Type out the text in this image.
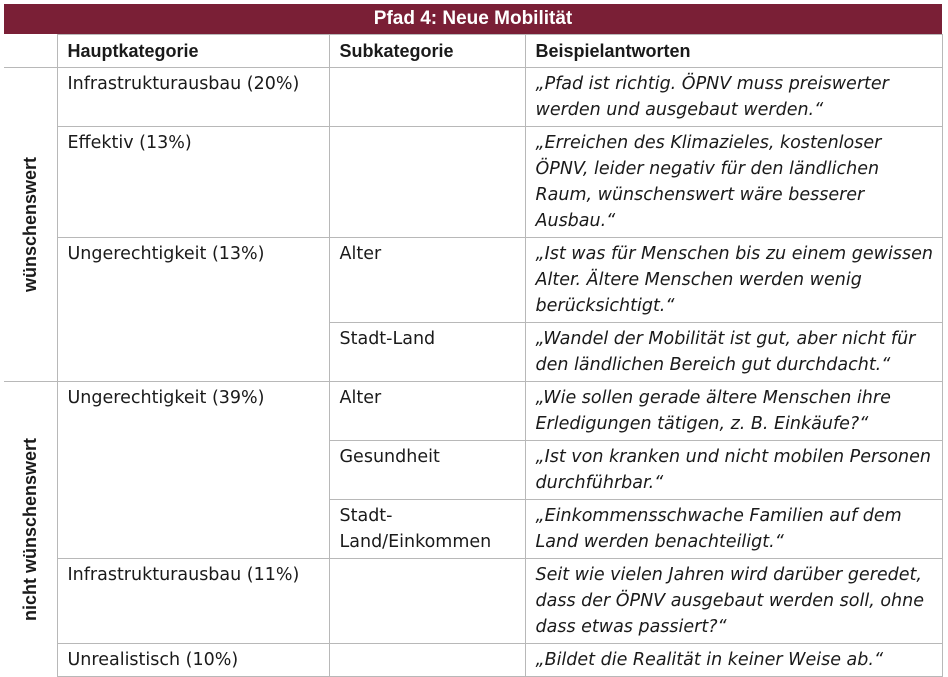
Pfad 4: Neue Mobilität
	Hauptkategorie	Subkategorie	Beispielantworten

wünschenswert	Infrastrukturausbau (20%)		„Pfad ist richtig. ÖPNV muss preiswerter werden und ausgebaut werden.“
	Effektiv (13%)		„Erreichen des Klimazieles, kostenloser ÖPNV, leider negativ für den ländlichen Raum, wünschenswert wäre besserer Ausbau.“
	Ungerechtigkeit (13%)	Alter	„Ist was für Menschen bis zu einem gewissen Alter. Ältere Menschen werden wenig berücksichtigt.“
		Stadt-Land	„Wandel der Mobilität ist gut, aber nicht für den ländlichen Bereich gut durchdacht.“

nicht wünschenswert	Ungerechtigkeit (39%)	Alter	„Wie sollen gerade ältere Menschen ihre Erledigungen tätigen, z. B. Einkäufe?“
		Gesundheit	„Ist von kranken und nicht mobilen Personen durchführbar.“
		Stadt-Land/Einkommen	„Einkommensschwache Familien auf dem Land werden benachteiligt.“
	Infrastrukturausbau (11%)		Seit wie vielen Jahren wird darüber geredet, dass der ÖPNV ausgebaut werden soll, ohne dass etwas passiert?“
	Unrealistisch (10%)		„Bildet die Realität in keiner Weise ab.“
